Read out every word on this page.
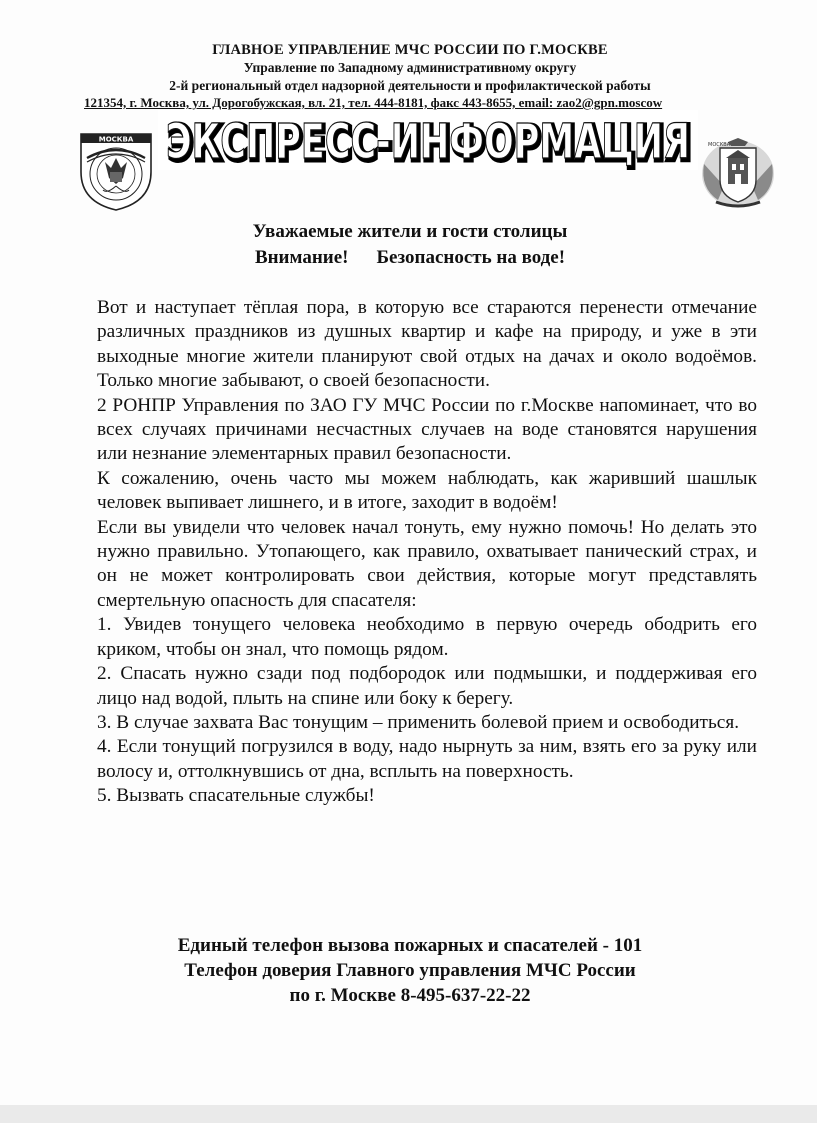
ГЛАВНОЕ УПРАВЛЕНИЕ МЧС РОССИИ ПО Г.МОСКВЕ
Управление по Западному административному округу
2-й региональный отдел надзорной деятельности и профилактической работы
121354, г. Москва, ул. Дорогобужская, вл. 21, тел. 444-8181, факс 443-8655, email: zao2@gpn.moscow
МОСКВА ЭКСПРЕСС-ИНФОРМАЦИЯ
ЭКСПРЕСС-ИНФОРМАЦИЯ	МОСКВА
Уважаемые жители и гости столицы
Внимание! Безопасность на воде!

Вот и наступает тёплая пора, в которую все стараются перенести отмечание различных праздников из душных квартир и кафе на природу, и уже в эти выходные многие жители планируют свой отдых на дачах и около водоёмов. Только многие забывают, о своей безопасности.

2 РОНПР Управления по ЗАО ГУ МЧС России по г.Москве напоминает, что во всех случаях причинами несчастных случаев на воде становятся нарушения или незнание элементарных правил безопасности.

К сожалению, очень часто мы можем наблюдать, как жаривший шашлык человек выпивает лишнего, и в итоге, заходит в водоём!

Если вы увидели что человек начал тонуть, ему нужно помочь! Но делать это нужно правильно. Утопающего, как правило, охватывает панический страх, и он не может контролировать свои действия, которые могут представлять смертельную опасность для спасателя:

1. Увидев тонущего человека необходимо в первую очередь ободрить его криком, чтобы он знал, что помощь рядом.

2. Спасать нужно сзади под подбородок или подмышки, и поддерживая его лицо над водой, плыть на спине или боку к берегу.

3. В случае захвата Вас тонущим – применить болевой прием и освободиться.

4. Если тонущий погрузился в воду, надо нырнуть за ним, взять его за руку или волосу и, оттолкнувшись от дна, всплыть на поверхность.

5. Вызвать спасательные службы!

Единый телефон вызова пожарных и спасателей - 101
Телефон доверия Главного управления МЧС России
по г. Москве 8-495-637-22-22
